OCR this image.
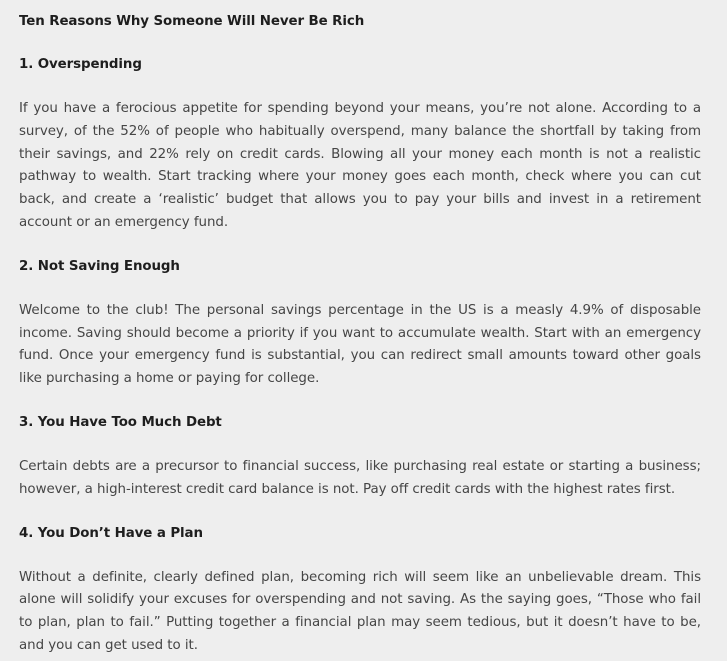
Ten Reasons Why Someone Will Never Be Rich
1. Overspending

If you have a ferocious appetite for spending beyond your means, you’re not alone. According to a survey, of the 52% of people who habitually overspend, many balance the shortfall by taking from their savings, and 22% rely on credit cards. Blowing all your money each month is not a realistic pathway to wealth. Start tracking where your money goes each month, check where you can cut back, and create a ‘realistic’ budget that allows you to pay your bills and invest in a retirement account or an emergency fund.

2. Not Saving Enough

Welcome to the club! The personal savings percentage in the US is a measly 4.9% of disposable income. Saving should become a priority if you want to accumulate wealth. Start with an emergency fund. Once your emergency fund is substantial, you can redirect small amounts toward other goals like purchasing a home or paying for college.

3. You Have Too Much Debt

Certain debts are a precursor to financial success, like purchasing real estate or starting a business; however, a high-interest credit card balance is not. Pay off credit cards with the highest rates first.

4. You Don’t Have a Plan

Without a definite, clearly defined plan, becoming rich will seem like an unbelievable dream. This alone will solidify your excuses for overspending and not saving. As the saying goes, “Those who fail to plan, plan to fail.” Putting together a financial plan may seem tedious, but it doesn’t have to be, and you can get used to it.
